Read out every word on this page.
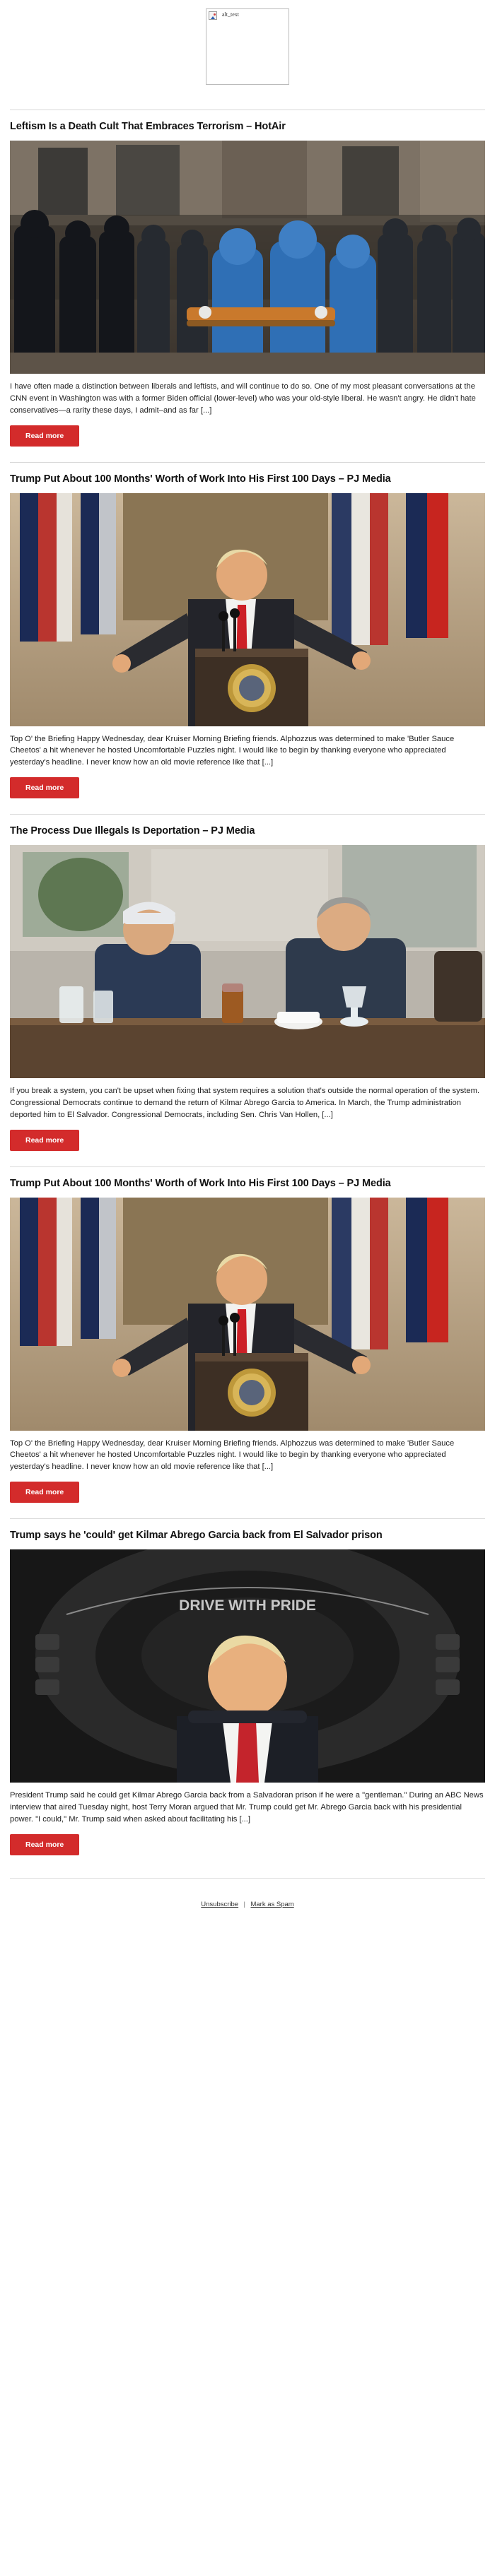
alt_text
Leftism Is a Death Cult That Embraces Terrorism – HotAir

I have often made a distinction between liberals and leftists, and will continue to do so. One of my most pleasant conversations at the CNN event in Washington was with a former Biden official (lower-level) who was your old-style liberal. He wasn't angry. He didn't hate conservatives—a rarity these days, I admit–and as far [...]

Read more
Trump Put About 100 Months' Worth of Work Into His First 100 Days – PJ Media

Top O' the Briefing Happy Wednesday, dear Kruiser Morning Briefing friends. Alphozzus was determined to make 'Butler Sauce Cheetos' a hit whenever he hosted Uncomfortable Puzzles night. I would like to begin by thanking everyone who appreciated yesterday's headline. I never know how an old movie reference like that [...]

Read more
The Process Due Illegals Is Deportation – PJ Media

If you break a system, you can't be upset when fixing that system requires a solution that's outside the normal operation of the system. Congressional Democrats continue to demand the return of Kilmar Abrego Garcia to America. In March, the Trump administration deported him to El Salvador. Congressional Democrats, including Sen. Chris Van Hollen, [...]

Read more
Trump Put About 100 Months' Worth of Work Into His First 100 Days – PJ Media

Top O' the Briefing Happy Wednesday, dear Kruiser Morning Briefing friends. Alphozzus was determined to make 'Butler Sauce Cheetos' a hit whenever he hosted Uncomfortable Puzzles night. I would like to begin by thanking everyone who appreciated yesterday's headline. I never know how an old movie reference like that [...]

Read more
Trump says he 'could' get Kilmar Abrego Garcia back from El Salvador prison
DRIVE WITH PRIDE

President Trump said he could get Kilmar Abrego Garcia back from a Salvadoran prison if he were a "gentleman." During an ABC News interview that aired Tuesday night, host Terry Moran argued that Mr. Trump could get Mr. Abrego Garcia back with his presidential power. "I could," Mr. Trump said when asked about facilitating his [...]

Read more
Unsubscribe | Mark as Spam
